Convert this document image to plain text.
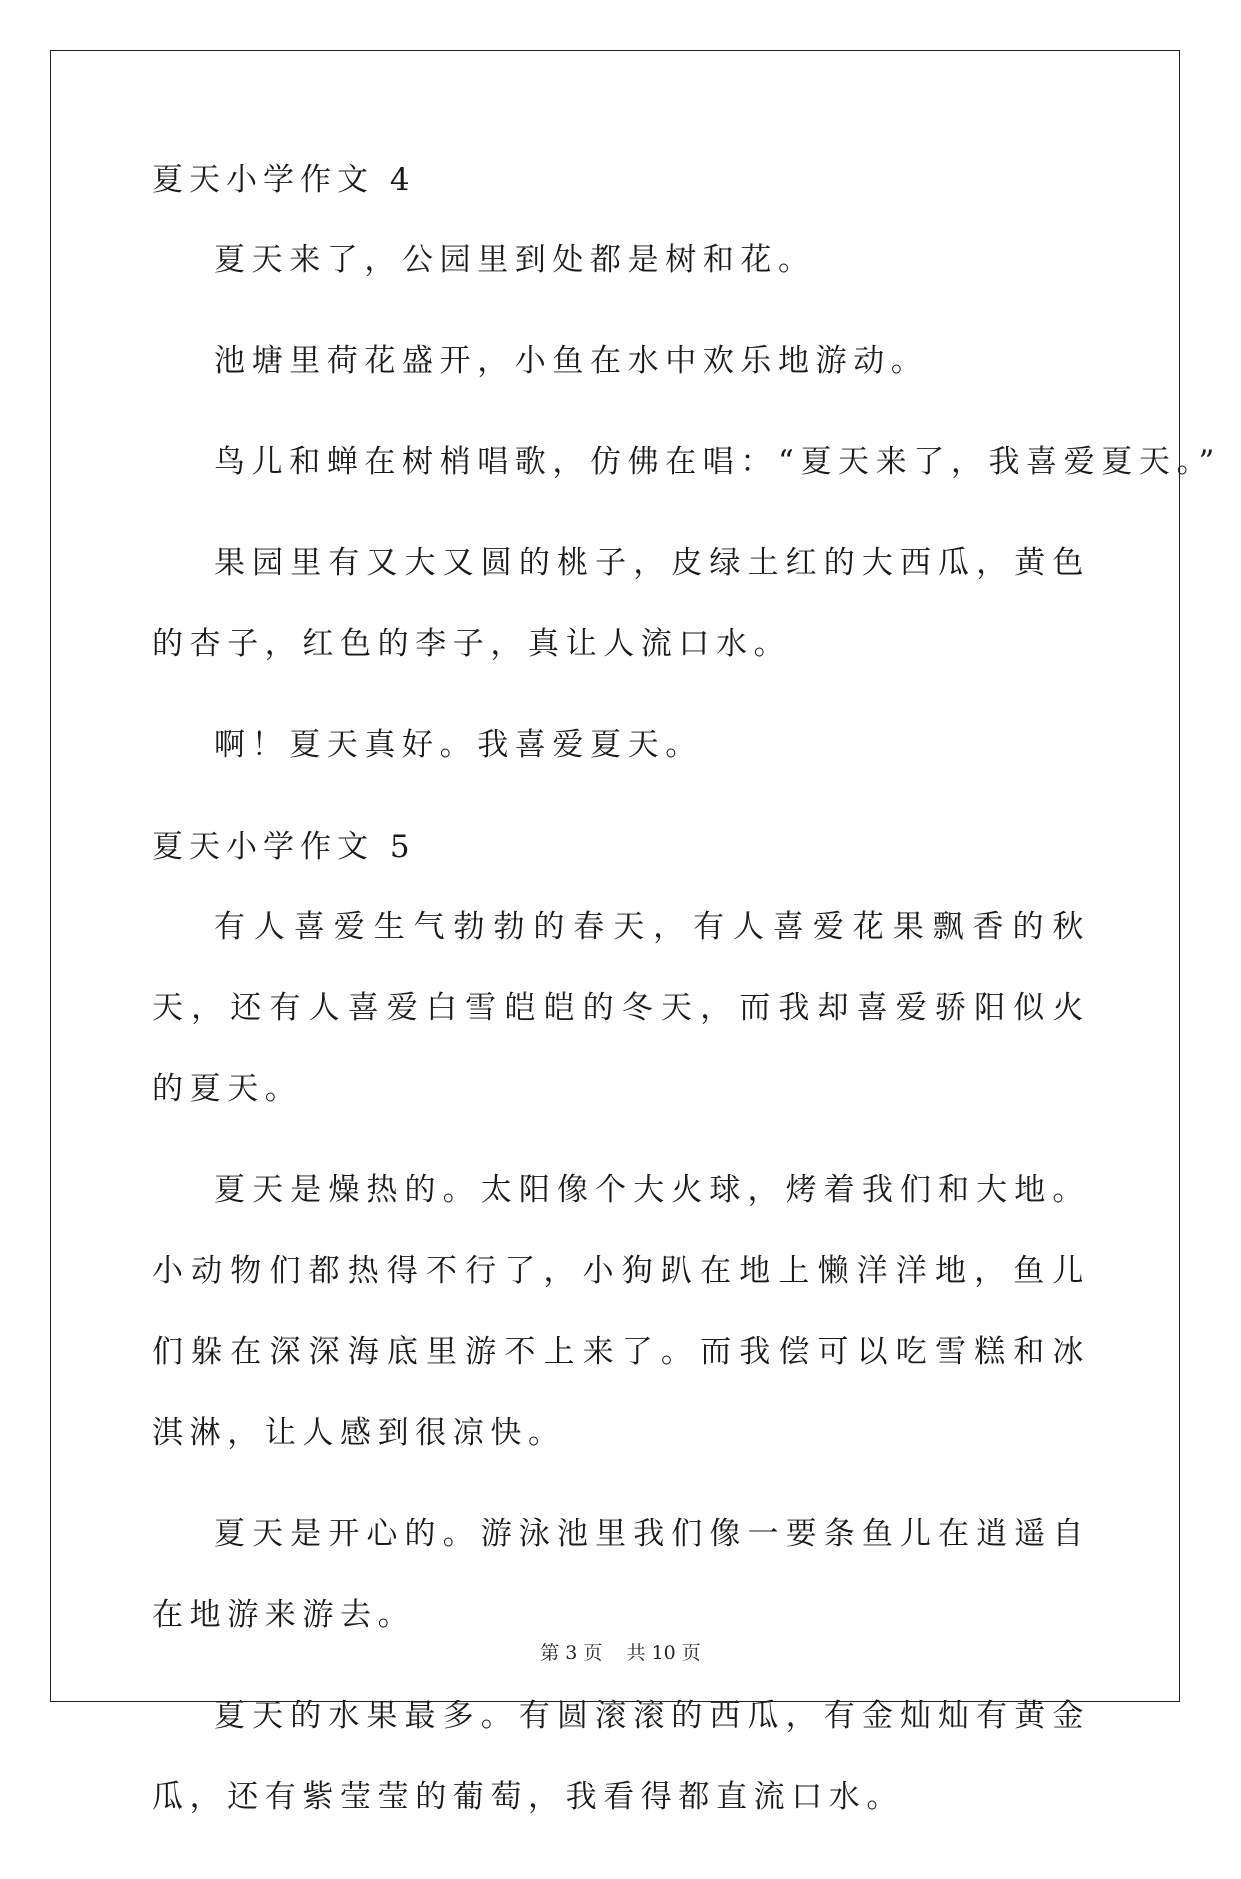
夏天小学作文 4

夏天来了，公园里到处都是树和花。

池塘里荷花盛开，小鱼在水中欢乐地游动。

鸟儿和蝉在树梢唱歌，仿佛在唱：“夏天来了，我喜爱夏天。”

果园里有又大又圆的桃子，皮绿土红的大西瓜，黄色的杏子，红色的李子，真让人流口水。

啊！夏天真好。我喜爱夏天。

夏天小学作文 5

有人喜爱生气勃勃的春天，有人喜爱花果飘香的秋天，还有人喜爱白雪皑皑的冬天，而我却喜爱骄阳似火的夏天。

夏天是燥热的。太阳像个大火球，烤着我们和大地。小动物们都热得不行了，小狗趴在地上懒洋洋地，鱼儿们躲在深深海底里游不上来了。而我偿可以吃雪糕和冰淇淋，让人感到很凉快。

夏天是开心的。游泳池里我们像一要条鱼儿在逍遥自在地游来游去。

夏天的水果最多。有圆滚滚的西瓜，有金灿灿有黄金瓜，还有紫莹莹的葡萄，我看得都直流口水。

第 3 页 共 10 页
